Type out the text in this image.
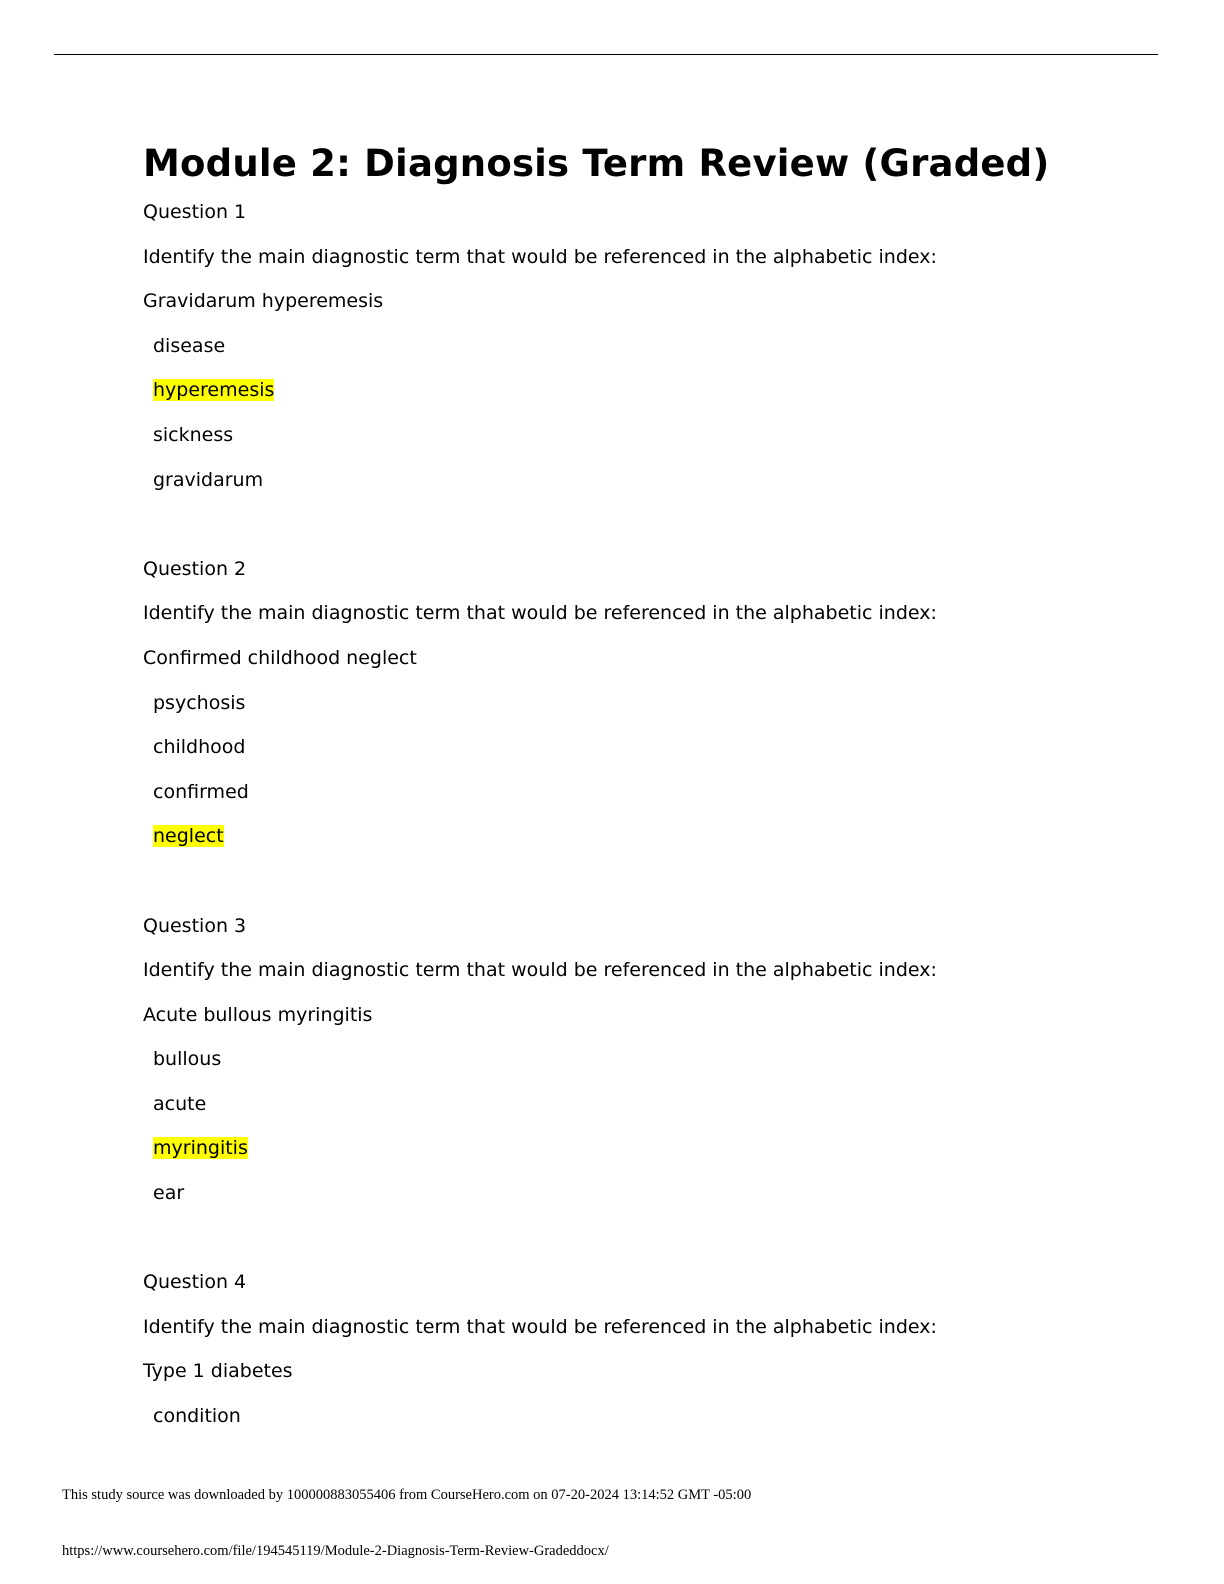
Module 2: Diagnosis Term Review (Graded)
Question 1
Identify the main diagnostic term that would be referenced in the alphabetic index:
Gravidarum hyperemesis
disease
hyperemesis
sickness
gravidarum
Question 2
Identify the main diagnostic term that would be referenced in the alphabetic index:
Confirmed childhood neglect
psychosis
childhood
confirmed
neglect
Question 3
Identify the main diagnostic term that would be referenced in the alphabetic index:
Acute bullous myringitis
bullous
acute
myringitis
ear
Question 4
Identify the main diagnostic term that would be referenced in the alphabetic index:
Type 1 diabetes
condition
This study source was downloaded by 100000883055406 from CourseHero.com on 07-20-2024 13:14:52 GMT -05:00
https://www.coursehero.com/file/194545119/Module-2-Diagnosis-Term-Review-Gradeddocx/
